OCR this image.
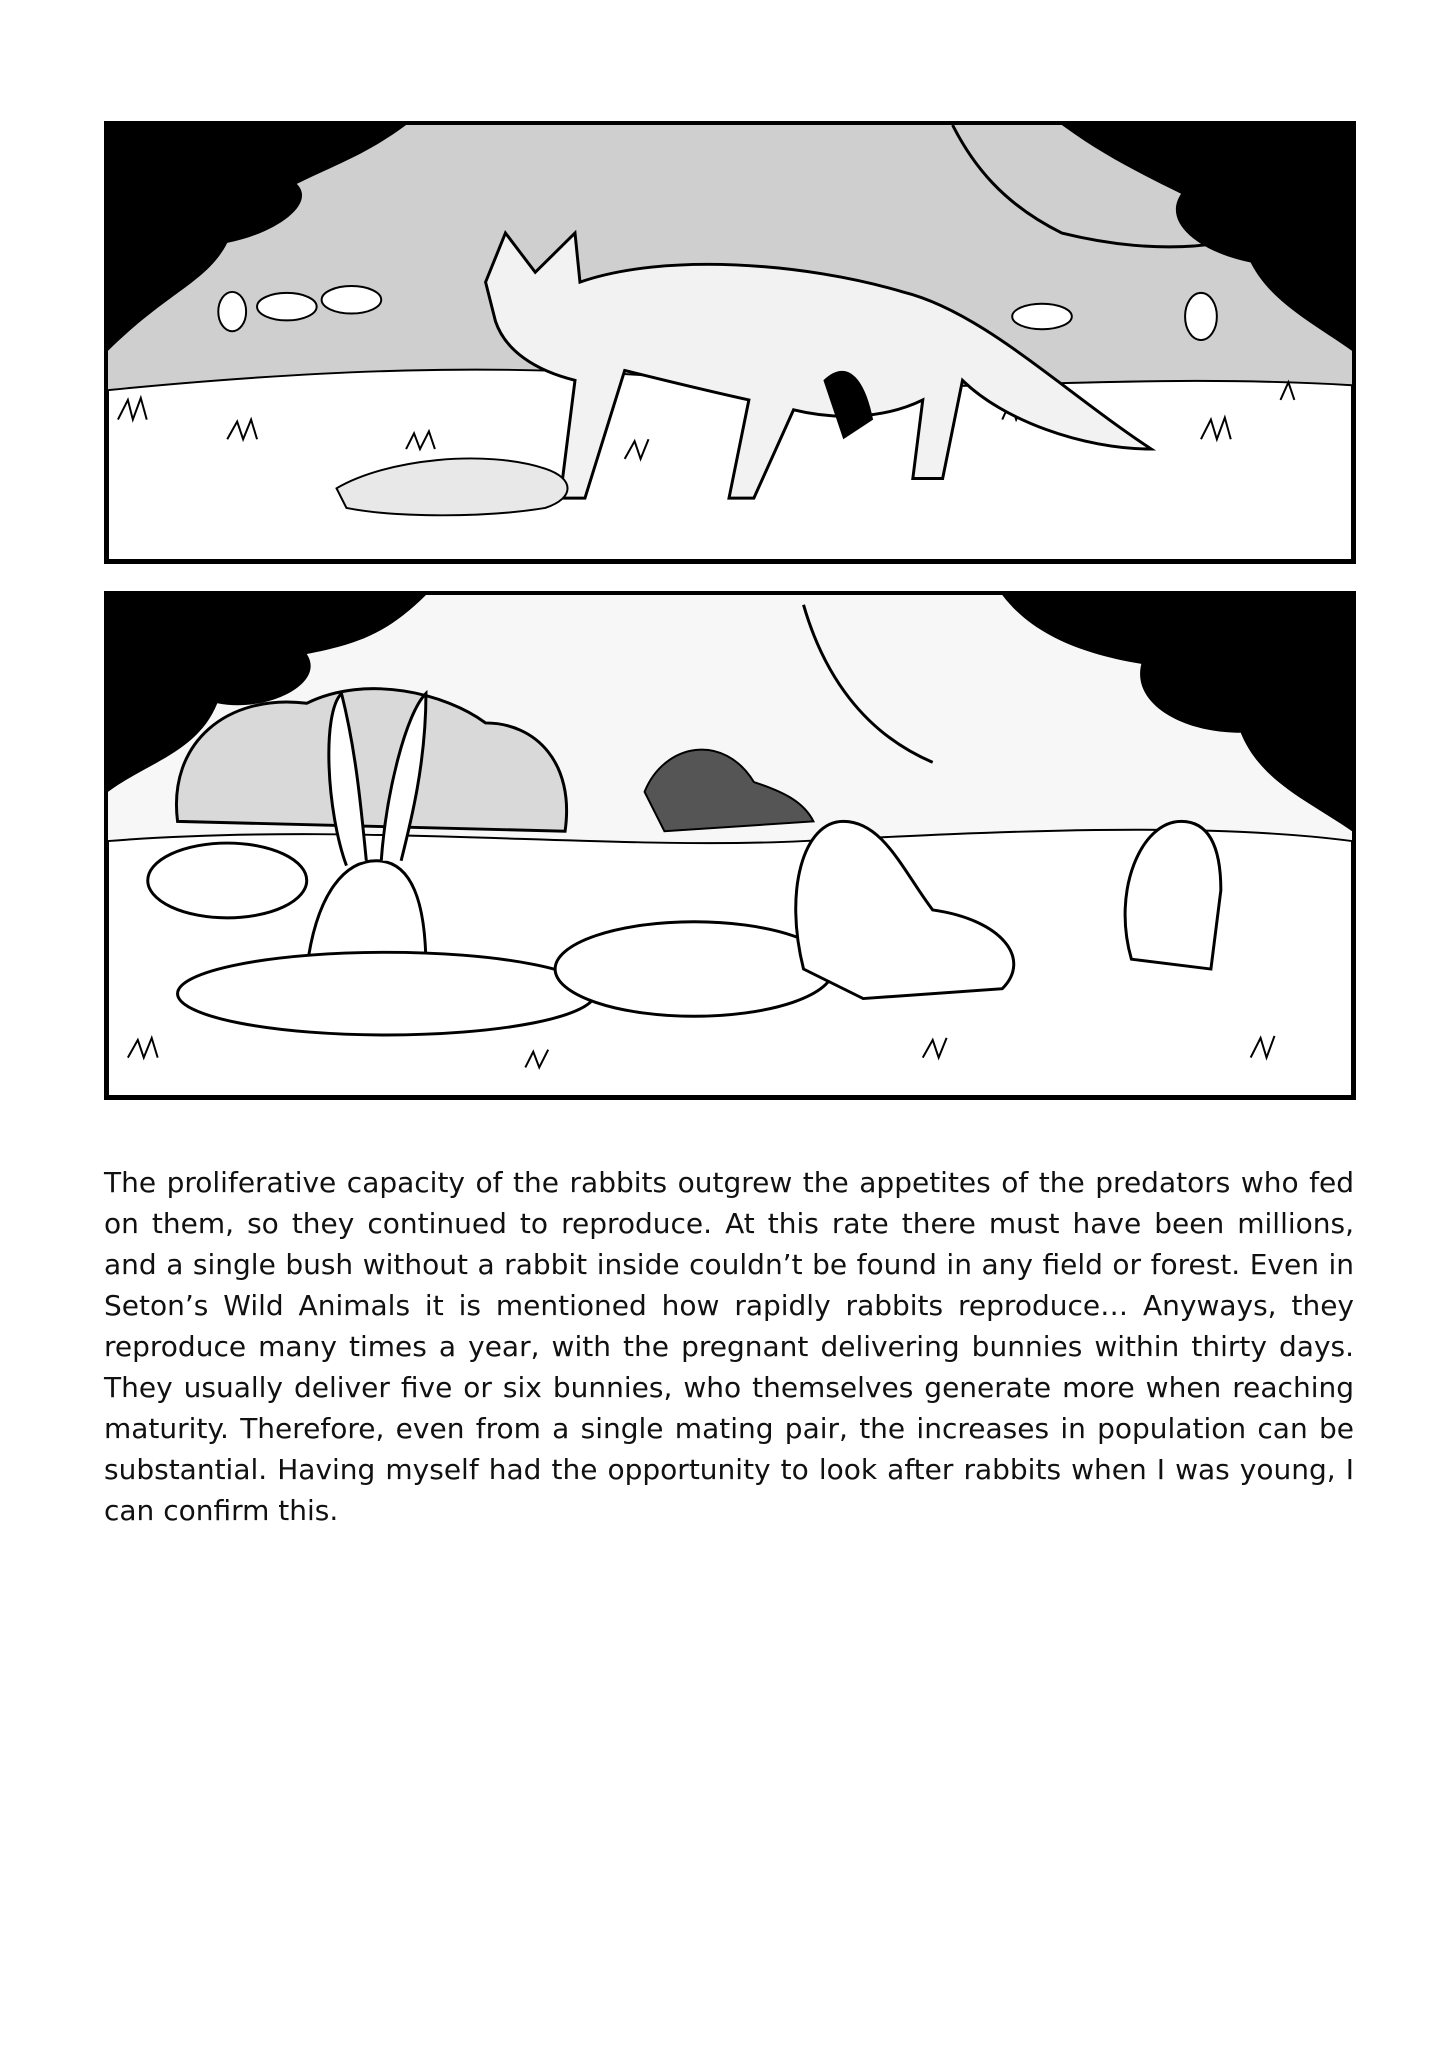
The proliferative capacity of the rabbits outgrew the appetites of the predators who fed on them, so they continued to reproduce. At this rate there must have been millions, and a single bush without a rabbit inside couldn’t be found in any field or forest. Even in Seton’s Wild Animals it is mentioned how rapidly rabbits reproduce… Anyways, they reproduce many times a year, with the pregnant delivering bunnies within thirty days. They usually deliver five or six bunnies, who themselves generate more when reaching maturity. Therefore, even from a single mating pair, the increases in population can be substantial. Having myself had the opportunity to look after rabbits when I was young, I can confirm this.
